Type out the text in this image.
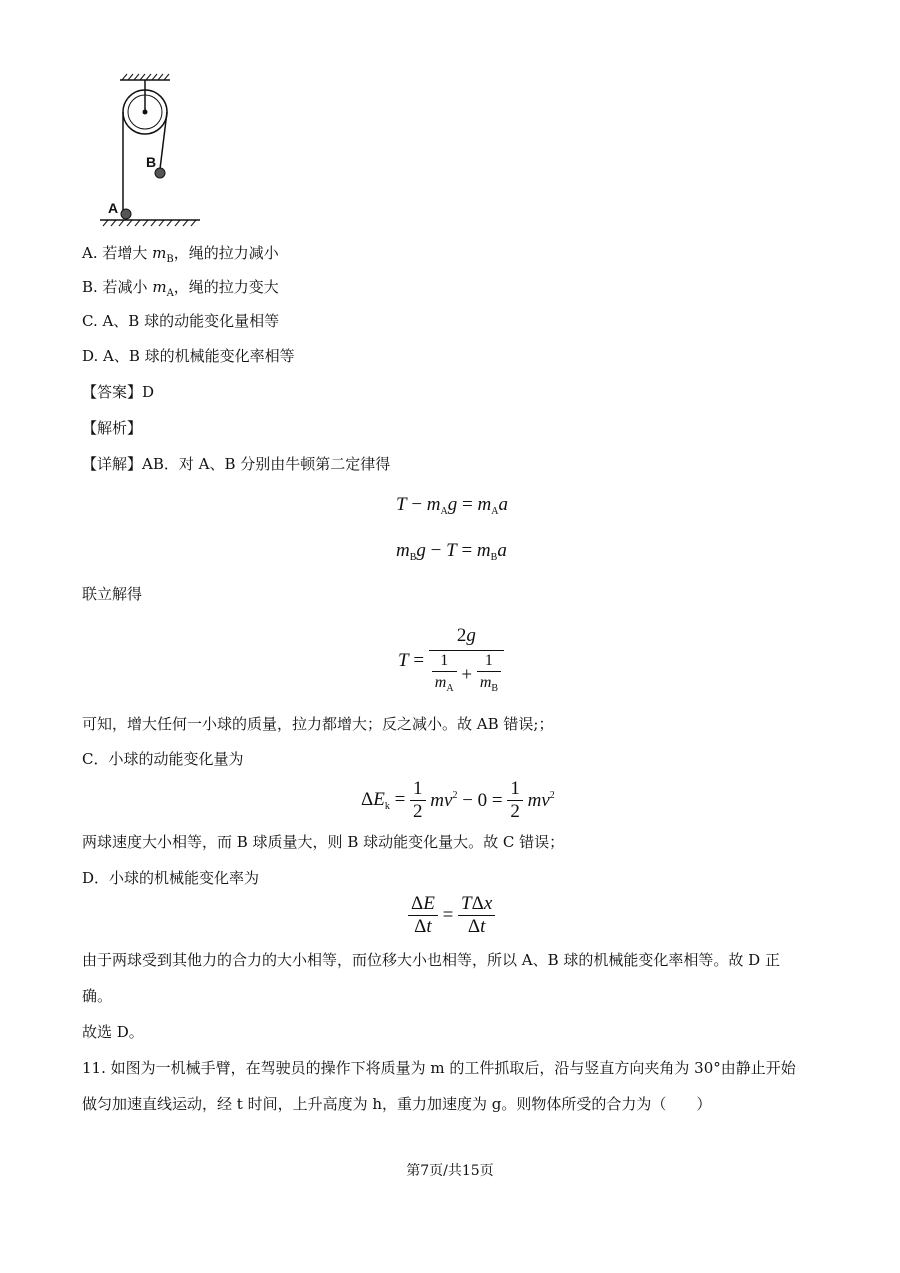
B
A
A. 若增大 $m_B$，绳的拉力减小
B. 若减小 $m_A$，绳的拉力变大
C. A、B 球的动能变化量相等
D. A、B 球的机械能变化率相等
【答案】D
【解析】
【详解】AB．对 A、B 分别由牛顿第二定律得
$T - m_Ag = m_Aa$
$m_Bg - T = m_Ba$
联立解得
$T = \frac{2g}{\frac{1}{m_A} + \frac{1}{m_B}}$
可知，增大任何一小球的质量，拉力都增大；反之减小。故 AB 错误;；
C．小球的动能变化量为
$\Delta E_k = \frac{1}{2} mv^2 - 0 = \frac{1}{2} mv^2$
两球速度大小相等，而 B 球质量大，则 B 球动能变化量大。故 C 错误；
D．小球的机械能变化率为
$\frac{\Delta E}{\Delta t} = \frac{\text{TΔx}}{\Delta t}$
由于两球受到其他力的合力的大小相等，而位移大小也相等，所以 A、B 球的机械能变化率相等。故 D 正
确。
故选 D。
11. 如图为一机械手臂，在驾驶员的操作下将质量为 m 的工件抓取后，沿与竖直方向夹角为 30°由静止开始
做匀加速直线运动，经 t 时间，上升高度为 h，重力加速度为 g。则物体所受的合力为（　　）
第7页/共15页
